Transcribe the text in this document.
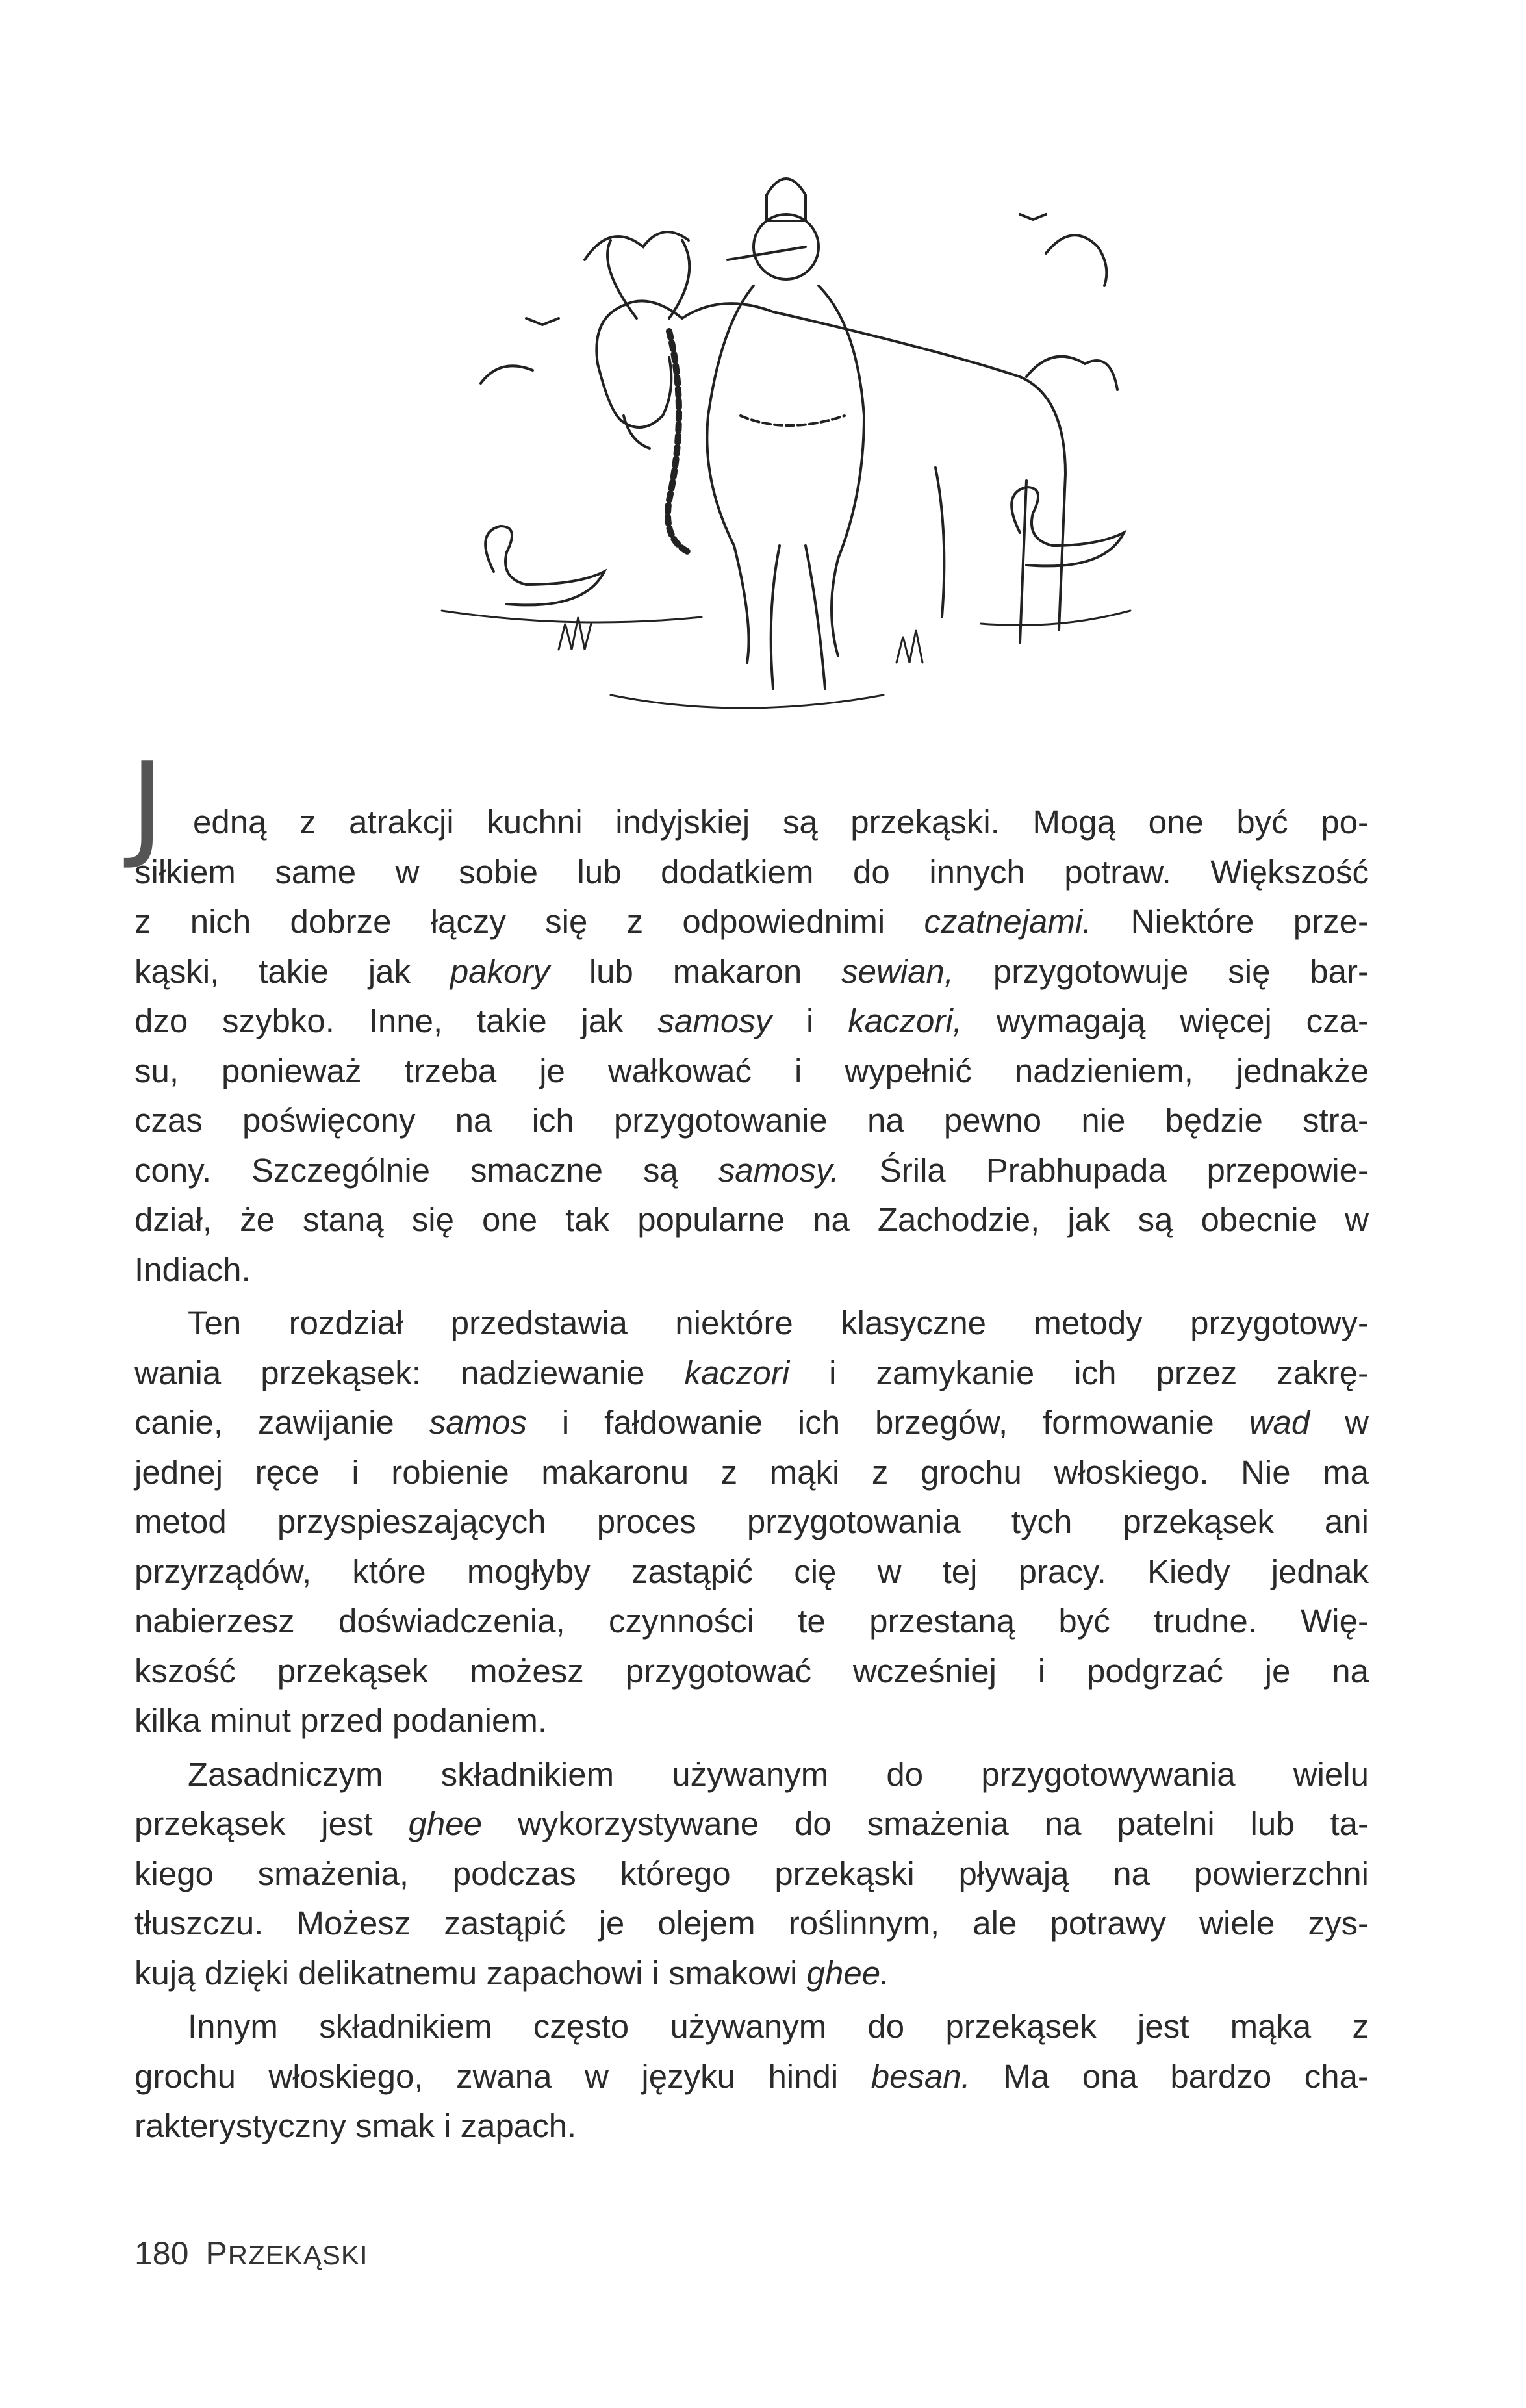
J edną z atrakcji kuchni indyjskiej są przekąski. Mogą one być po-
siłkiem same w sobie lub dodatkiem do innych potraw. Większość
z nich dobrze łączy się z odpowiednimi czatnejami. Niektóre prze-
kąski, takie jak pakory lub makaron sewian, przygotowuje się bar-
dzo szybko. Inne, takie jak samosy i kaczori, wymagają więcej cza-
su, ponieważ trzeba je wałkować i wypełnić nadzieniem, jednakże
czas poświęcony na ich przygotowanie na pewno nie będzie stra-
cony. Szczególnie smaczne są samosy. Śrila Prabhupada przepowie-
dział, że staną się one tak popularne na Zachodzie, jak są obecnie w
Indiach.
Ten rozdział przedstawia niektóre klasyczne metody przygotowy-
wania przekąsek: nadziewanie kaczori i zamykanie ich przez zakrę-
canie, zawijanie samos i fałdowanie ich brzegów, formowanie wad w
jednej ręce i robienie makaronu z mąki z grochu włoskiego. Nie ma
metod przyspieszających proces przygotowania tych przekąsek ani
przyrządów, które mogłyby zastąpić cię w tej pracy. Kiedy jednak
nabierzesz doświadczenia, czynności te przestaną być trudne. Wię-
kszość przekąsek możesz przygotować wcześniej i podgrzać je na
kilka minut przed podaniem.
Zasadniczym składnikiem używanym do przygotowywania wielu
przekąsek jest ghee wykorzystywane do smażenia na patelni lub ta-
kiego smażenia, podczas którego przekąski pływają na powierzchni
tłuszczu. Możesz zastąpić je olejem roślinnym, ale potrawy wiele zys-
kują dzięki delikatnemu zapachowi i smakowi ghee.
Innym składnikiem często używanym do przekąsek jest mąka z
grochu włoskiego, zwana w języku hindi besan. Ma ona bardzo cha-
rakterystyczny smak i zapach.
180 PRZEKĄSKI
